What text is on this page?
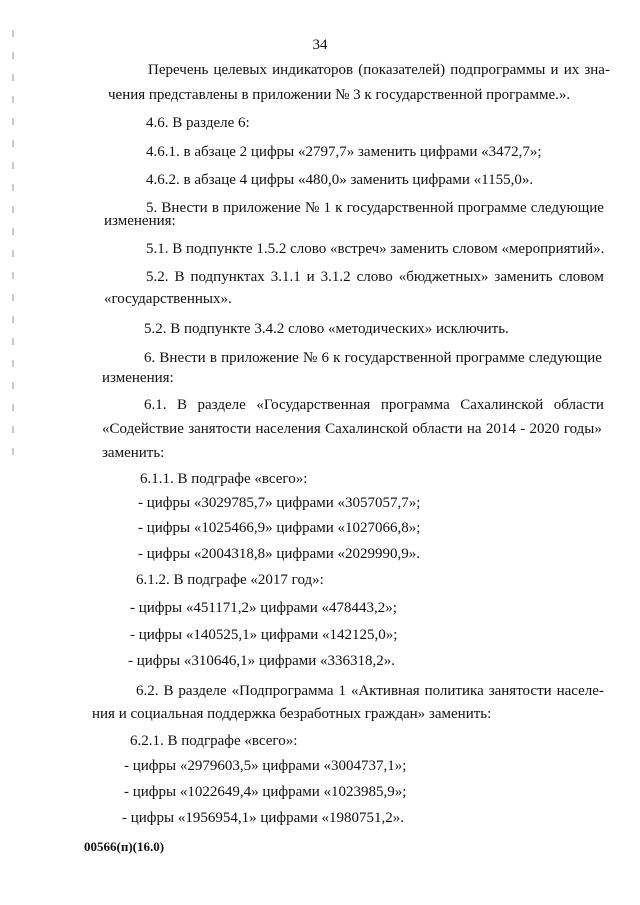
34
Перечень целевых индикаторов (показателей) подпрограммы и их зна-
чения представлены в приложении № 3 к государственной программе.».
4.6. В разделе 6:
4.6.1. в абзаце 2 цифры «2797,7» заменить цифрами «3472,7»;
4.6.2. в абзаце 4 цифры «480,0» заменить цифрами «1155,0».
5. Внести в приложение № 1 к государственной программе следующие
изменения:
5.1. В подпункте 1.5.2 слово «встреч» заменить словом «мероприятий».
5.2. В подпунктах 3.1.1 и 3.1.2 слово «бюджетных» заменить словом
«государственных».
5.2. В подпункте 3.4.2 слово «методических» исключить.
6. Внести в приложение № 6 к государственной программе следующие
изменения:
6.1. В разделе «Государственная программа Сахалинской области
«Содействие занятости населения Сахалинской области на 2014 - 2020 годы»
заменить:
6.1.1. В подграфе «всего»:
- цифры «3029785,7» цифрами «3057057,7»;
- цифры «1025466,9» цифрами «1027066,8»;
- цифры «2004318,8» цифрами «2029990,9».
6.1.2. В подграфе «2017 год»:
- цифры «451171,2» цифрами «478443,2»;
- цифры «140525,1» цифрами «142125,0»;
- цифры «310646,1» цифрами «336318,2».
6.2. В разделе «Подпрограмма 1 «Активная политика занятости населе-
ния и социальная поддержка безработных граждан» заменить:
6.2.1. В подграфе «всего»:
- цифры «2979603,5» цифрами «3004737,1»;
- цифры «1022649,4» цифрами «1023985,9»;
- цифры «1956954,1» цифрами «1980751,2».
00566(п)(16.0)
